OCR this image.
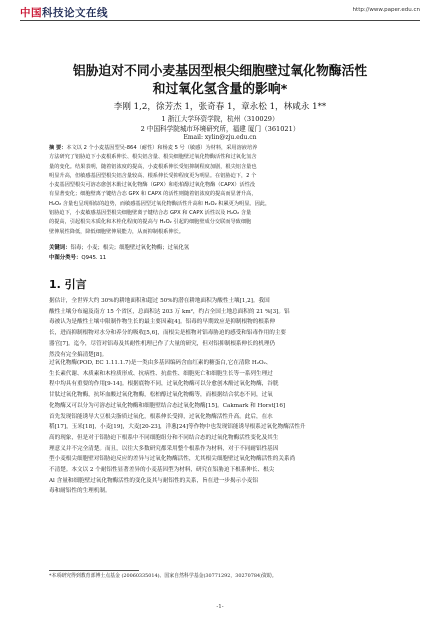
中国科技论文在线	http://www.paper.edu.cn
铝胁迫对不同小麦基因型根尖细胞壁过氧化物酶活性
和过氧化氢含量的影响*
李刚 1,2，徐芳杰 1，张奇春 1，章永松 1，林咸永 1**
1 浙江大学环资学院，杭州（310029）
2 中国科学院城市环境研究所，福建 厦门（361021）
Email: xylin@zju.edu.cn
摘 要：本文以 2 个小麦基因型吴-864（耐性）和杨麦 5 号（敏感）为材料，采用溶液培养
方法研究了铝胁迫下小麦根系伸长、根尖铝含量、根尖细胞壁过氧化物酶活性和过氧化氢含
量的变化。结果表明，随着铝浓度的提高，小麦根系伸长受铝抑制程度加剧，根尖铝含量也
明显升高，但敏感基因型根尖铝含量较高、根系伸长受抑程度更为明显。在铝胁迫下，2 个
小麦基因型根尖可溶态愈创木酚过氧化物酶（GPX）和松柏醇过氧化物酶（CAPX）活性没
有显著变化；细胞壁离子键结合态 GPX 和 CAPX 的活性则随着铝浓度的提高而显著升高，
H₂O₂ 含量也呈现相似的趋势，而敏感基因型过氧化物酶活性升高和 H₂O₂ 积累更为明显。因此，
铝胁迫下，小麦敏感基因型根尖细胞壁离子键结合态 GPX 和 CAPX 活性以及 H₂O₂ 含量
的提高，引起根尖木质化和木栓化程度的提高与 H₂O₂ 引起的细胞壁成分交联而导致细胞
壁伸展性降低，降低细胞壁伸展能力，从而抑制根系伸长。
关键词：铝毒；小麦；根尖；细胞壁过氧化物酶；过氧化氢
中图分类号：Q945. 11
1. 引言
据估计，全世界大约 30%的耕地面积和超过 50%的潜在耕地面积为酸性土壤[1,2]。我国
酸性土壤分布遍及南方 15 个省区，总面积达 203 万 km²，约占全国土地总面积的 21 %[3]。铝
毒被认为是酸性土壤中限制作物生长的最主要因素[4]。铝毒的早期效应是抑制根物的根系伸
长，进而抑制根物对水分和养分的吸收[5,6]，而根尖是植物对铝毒胁迫的感受和铝毒作用的主要
器官[7]。迄今，尽管对铝毒及其耐性机理已作了大量的研究，但对铝抑制根系伸长的机理仍
然没有完全搞清楚[8]。
过氧化物酶(POD, EC 1.11.1.7)是一类由多基因编码含血红素的糖蛋白,它在清除 H₂O₂、
生长素代谢、木质素和木栓质形成、抗病性、抗盐性、细胞死亡和细胞生长等一系列生理过
程中均具有重要的作用[9-14]。根据底物不同，过氧化物酶可以分愈创木酚过氧化物酶，谷胱
甘肽过氧化物酶，抗坏血酸过氧化物酶，松柏醇过氧化物酶等，而根据结合状态不同，过氧
化物酶又可以分为可溶态过氧化物酶和细胞壁结合态过氧化物酶[15]。Cakmark 和 Horst[16]
首先发现铝能诱导大豆根尖脂质过氧化，根系伸长受抑，过氧化物酶活性升高。此后，在水
稻[17]，玉米[18]，小麦[19]，大麦[20-23]，洋葱[24]等作物中也发现铝能诱导根系过氧化物酶活性升
高的现象，但是对于铝胁迫下根系中不同细胞组分和不同结合态的过氧化物酶活性变化及其生
理意义并不完全清楚。而且，以往大多数研究都采用整个根系作为材料，对于不同耐铝性基因
型小麦根尖细胞壁对铝胁迫反应的差异与过氧化物酶活性，尤其根尖细胞壁过氧化物酶活性的关系尚
不清楚。本文以 2 个耐铝性显著差异的小麦基因型为材料，研究在铝胁迫下根系伸长、根尖
Al 含量和细胞壁过氧化物酶活性的变化及其与耐铝性的关系，旨在进一步揭示小麦铝
毒和耐铝性的生理机制。
*本项研究得到教育部博士点基金 (20060335014)、国家自然科学基金(30771292，30270784)资助。
-1-
